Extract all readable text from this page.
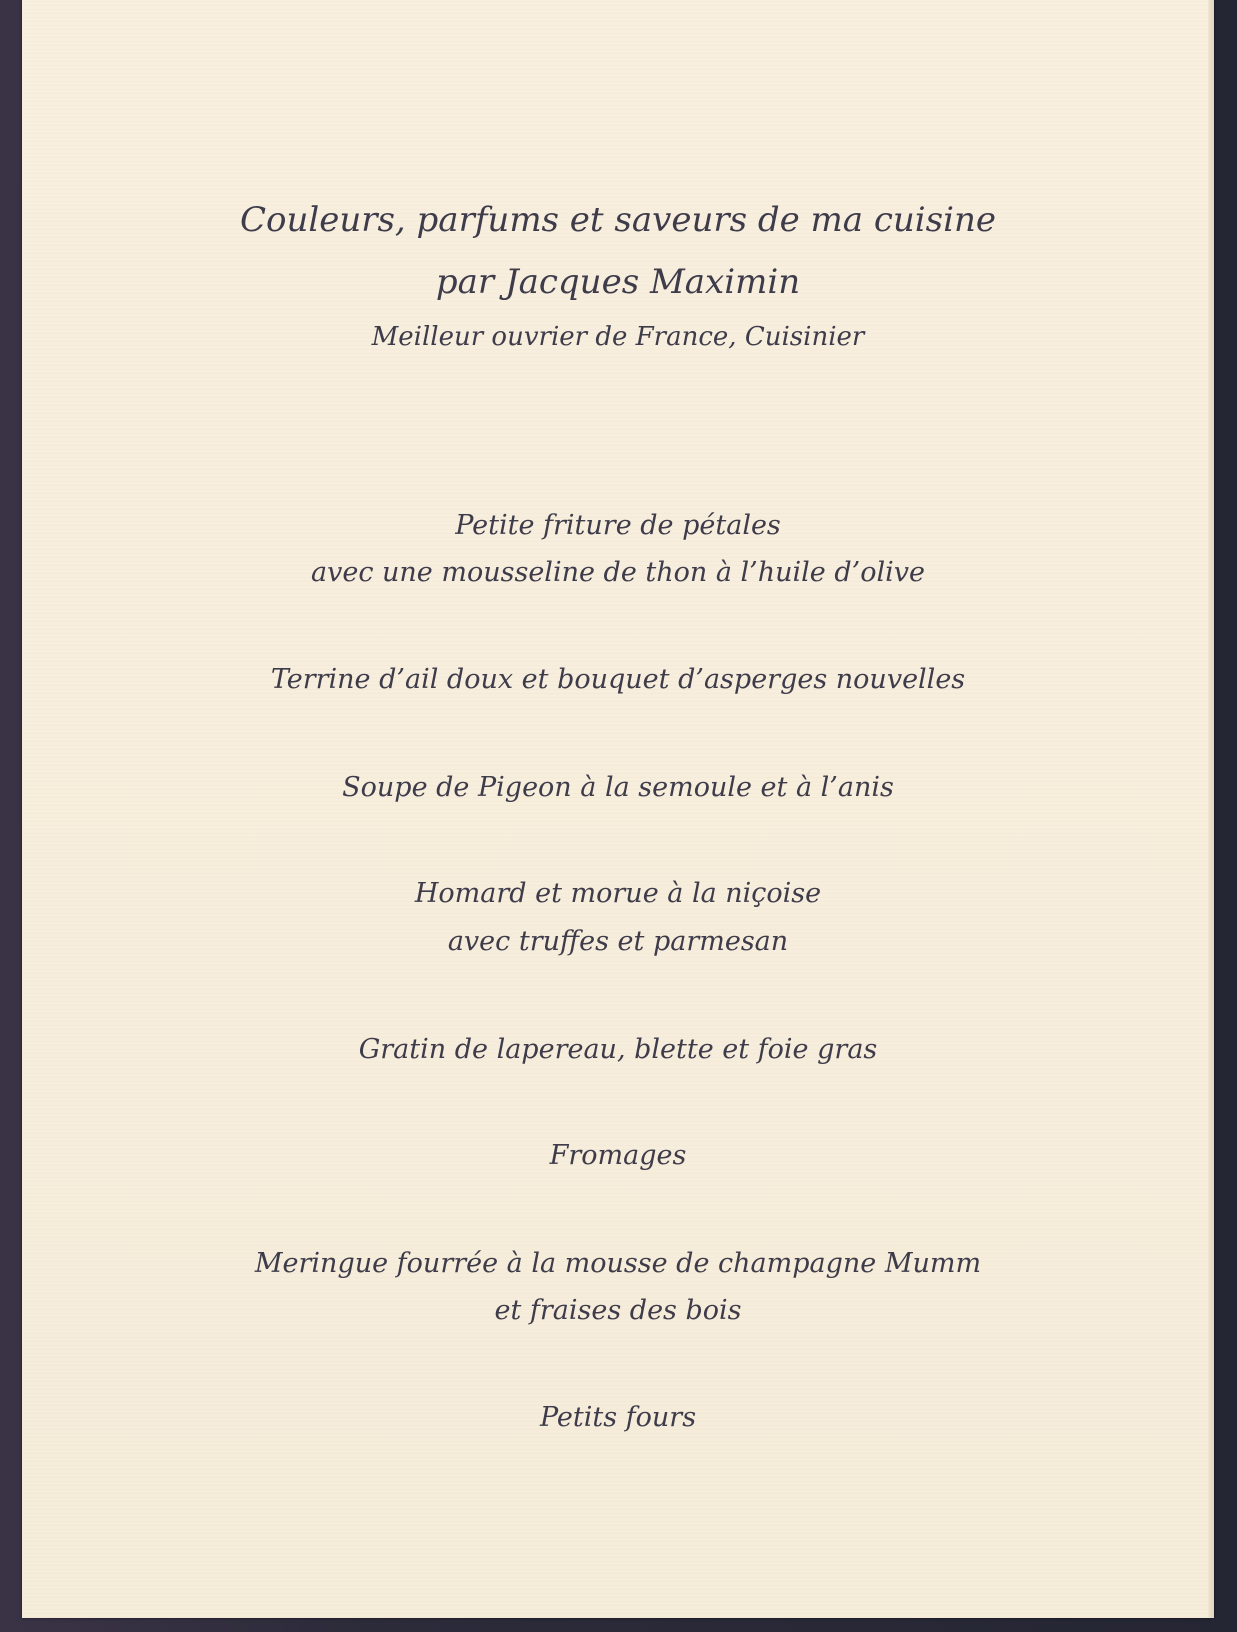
Couleurs, parfums et saveurs de ma cuisine

par Jacques Maximin

Meilleur ouvrier de France, Cuisinier

Petite friture de pétales

avec une mousseline de thon à l’huile d’olive

Terrine d’ail doux et bouquet d’asperges nouvelles

Soupe de Pigeon à la semoule et à l’anis

Homard et morue à la niçoise

avec truffes et parmesan

Gratin de lapereau, blette et foie gras

Fromages

Meringue fourrée à la mousse de champagne Mumm

et fraises des bois

Petits fours
